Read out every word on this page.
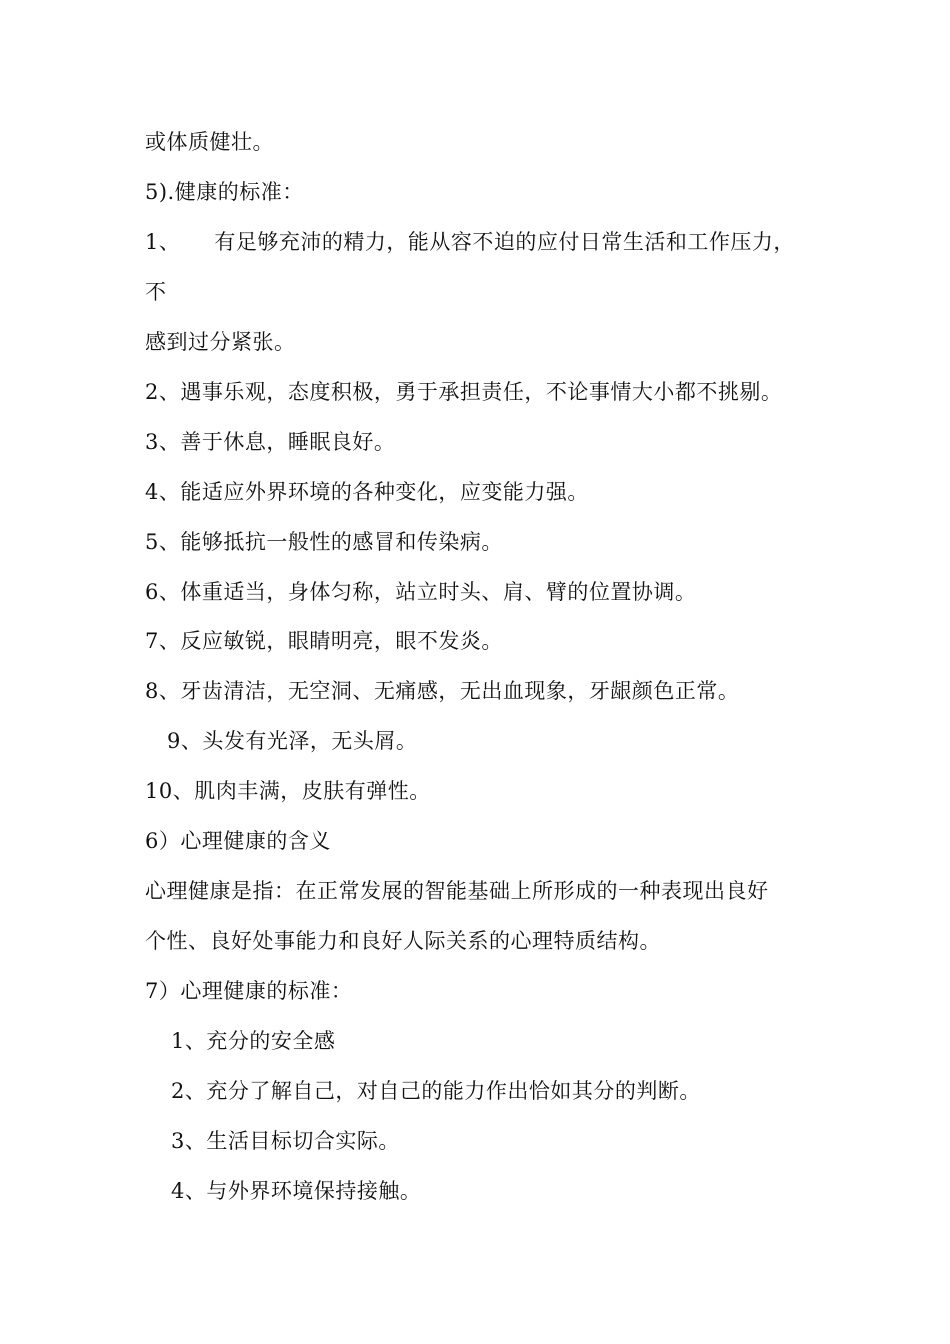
或体质健壮。
5).健康的标准：
1、 有足够充沛的精力，能从容不迫的应付日常生活和工作压力，
不
感到过分紧张。
2、遇事乐观，态度积极，勇于承担责任，不论事情大小都不挑剔。
3、善于休息，睡眠良好。
4、能适应外界环境的各种变化，应变能力强。
5、能够抵抗一般性的感冒和传染病。
6、体重适当，身体匀称，站立时头、肩、臂的位置协调。
7、反应敏锐，眼睛明亮，眼不发炎。
8、牙齿清洁，无空洞、无痛感，无出血现象，牙龈颜色正常。
9、头发有光泽，无头屑。
10、肌肉丰满，皮肤有弹性。
6）心理健康的含义
心理健康是指：在正常发展的智能基础上所形成的一种表现出良好
个性、良好处事能力和良好人际关系的心理特质结构。
7）心理健康的标准：
1、充分的安全感
2、充分了解自己，对自己的能力作出恰如其分的判断。
3、生活目标切合实际。
4、与外界环境保持接触。
